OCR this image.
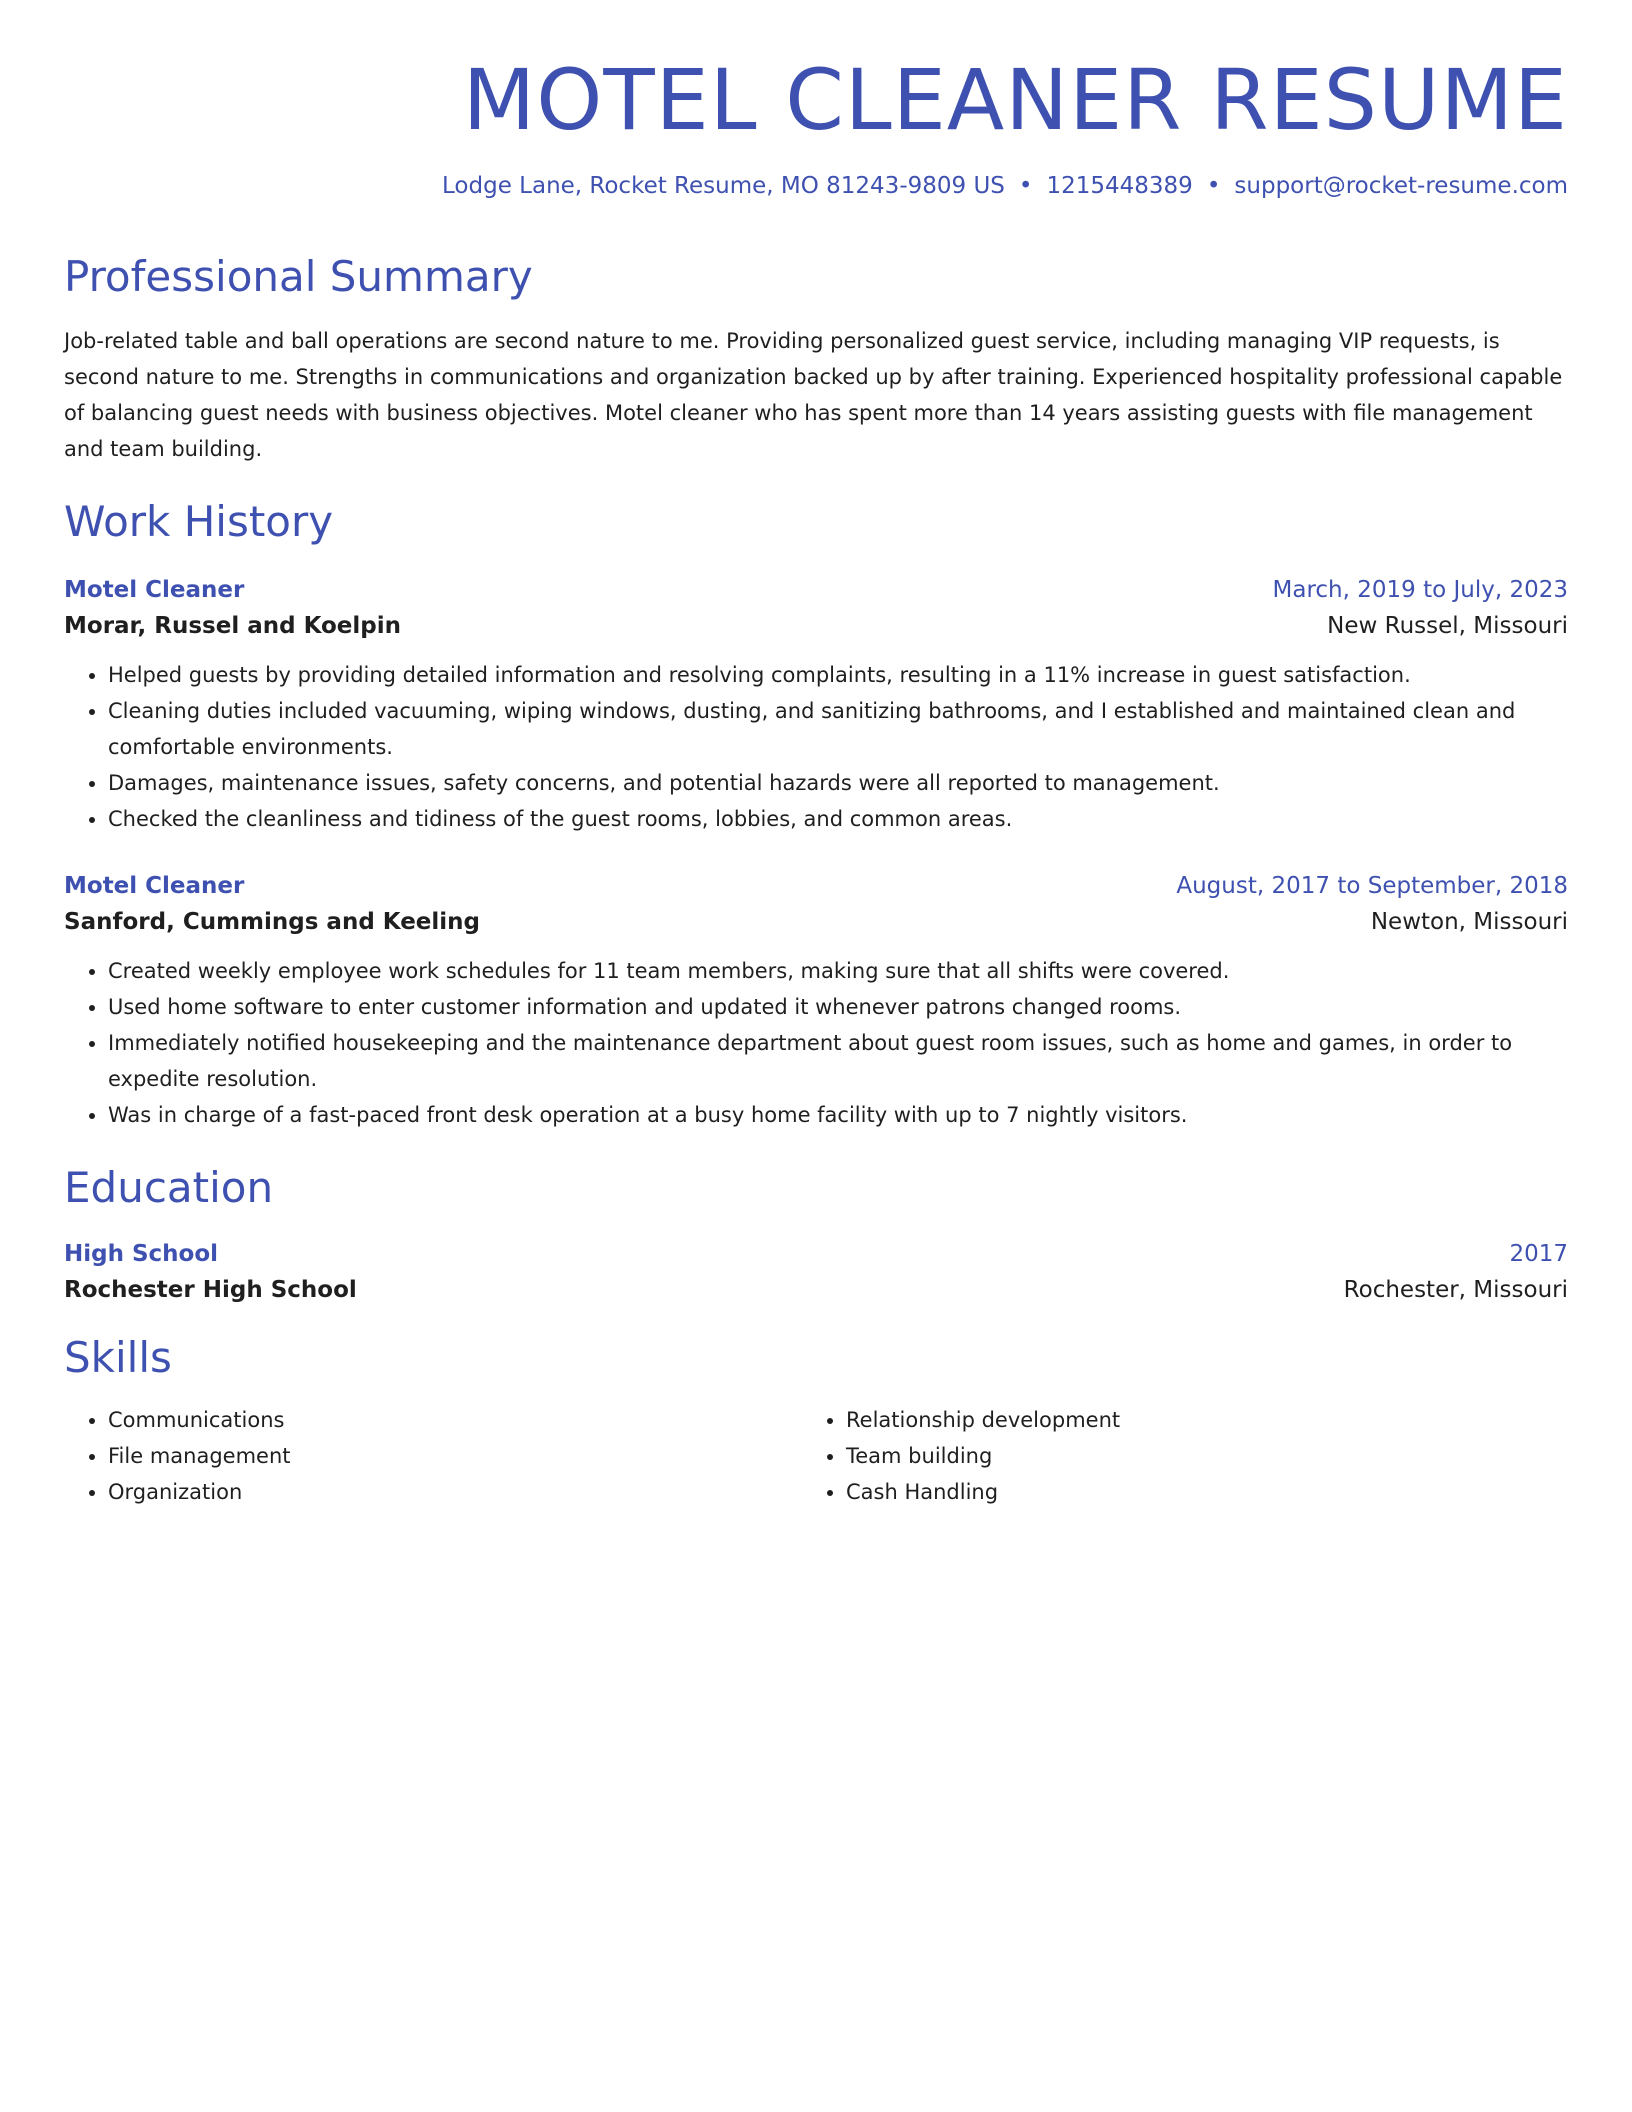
MOTEL CLEANER RESUME
Lodge Lane, Rocket Resume, MO 81243-9809 US • 1215448389 • support@rocket-resume.com
Professional Summary
Job-related table and ball operations are second nature to me. Providing personalized guest service, including managing VIP requests, is second nature to me. Strengths in communications and organization backed up by after training. Experienced hospitality professional capable of balancing guest needs with business objectives. Motel cleaner who has spent more than 14 years assisting guests with file management and team building.
Work History
Motel Cleaner	March, 2019 to July, 2023
Morar, Russel and Koelpin	New Russel, Missouri
• Helped guests by providing detailed information and resolving complaints, resulting in a 11% increase in guest satisfaction.
• Cleaning duties included vacuuming, wiping windows, dusting, and sanitizing bathrooms, and I established and maintained clean and comfortable environments.
• Damages, maintenance issues, safety concerns, and potential hazards were all reported to management.
• Checked the cleanliness and tidiness of the guest rooms, lobbies, and common areas.
Motel Cleaner	August, 2017 to September, 2018
Sanford, Cummings and Keeling	Newton, Missouri
• Created weekly employee work schedules for 11 team members, making sure that all shifts were covered.
• Used home software to enter customer information and updated it whenever patrons changed rooms.
• Immediately notified housekeeping and the maintenance department about guest room issues, such as home and games, in order to expedite resolution.
• Was in charge of a fast-paced front desk operation at a busy home facility with up to 7 nightly visitors.
Education
High School	2017
Rochester High School	Rochester, Missouri
Skills
• Communications
• File management
• Organization
• Relationship development
• Team building
• Cash Handling
